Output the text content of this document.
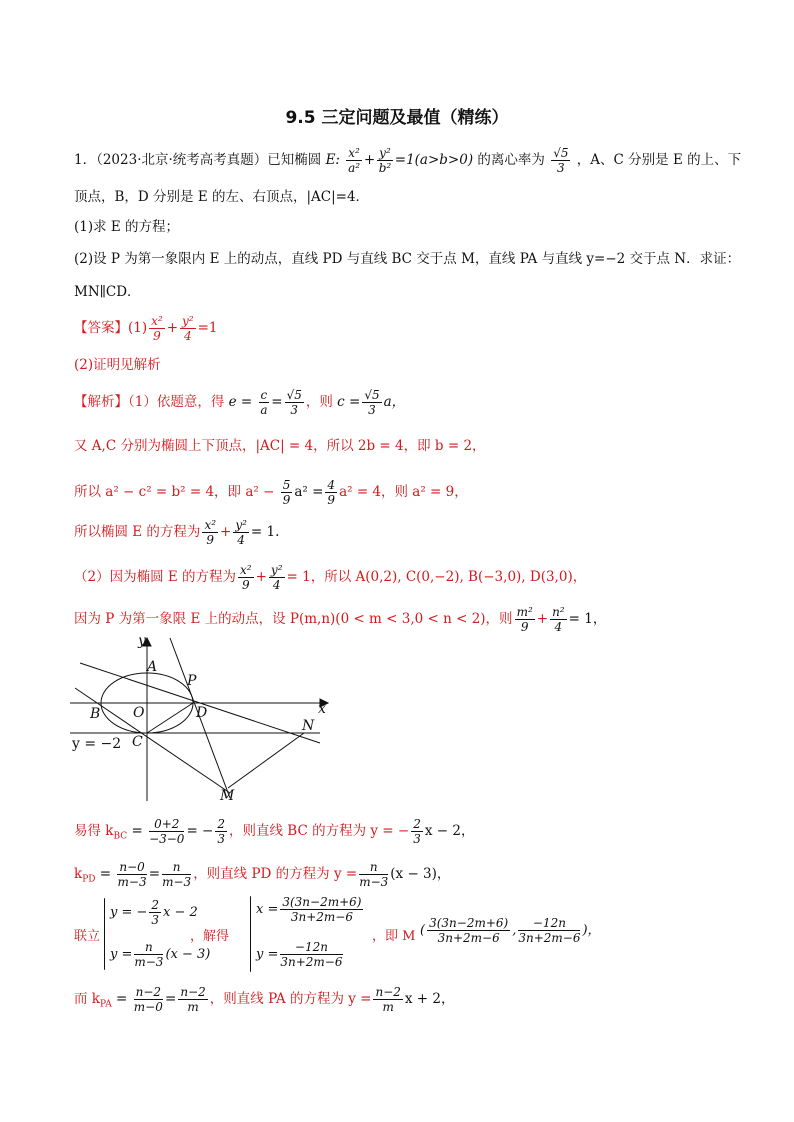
9.5 三定问题及最值（精练）
1．（2023·北京·统考高考真题）已知椭圆 E: $\frac{\text{x²}}{\text{a²}} + \frac{\text{y²}}{\text{b²}} =1(a>b>0)$ 的离心率为 $\frac{√5}{3}$ ，A、C 分别是 E 的上、下
顶点，B，D 分别是 E 的左、右顶点，|AC|=4．
(1)求 E 的方程；
(2)设 P 为第一象限内 E 上的动点，直线 PD 与直线 BC 交于点 M，直线 PA 与直线 y=−2 交于点 N．求证：
MN∥CD．
【答案】$(1) \frac{\text{x²}}{9} + \frac{\text{y²}}{4} =1$
(2)证明见解析
【解析】（1）依题意，得 $e = \frac{c}{a} = \frac{√5}{3}$ ，则 $c = \frac{√5}{3}$ a，
又 A,C 分别为椭圆上下顶点，|AC| = 4，所以 2b = 4，即 b = 2，
所以 a² − c² = b² = 4，即 $a^2 - \frac{5}{9} a^2 = \frac{4}{9} a^2 = 4$，则 a² = 9，
所以椭圆 E 的方程为 $\frac{\text{x²}}{9} + \frac{\text{y²}}{4} = 1$.
（2）因为椭圆 E 的方程为 $\frac{\text{x²}}{9} + \frac{\text{y²}}{4} = 1$，所以 A(0,2), C(0,−2), B(−3,0), D(3,0)，
因为 P 为第一象限 E 上的动点，设 P(m,n)(0 < m < 3,0 < n < 2)，则 $\frac{\text{m²}}{9} + \frac{\text{n²}}{4} = 1$，
y
x
A
P
B O	D
N
C
M
y = −2
易得 $k_{BC} = \frac{0+2}{-3-0}$ = − $\frac{2}{3}$ ，则直线 BC 的方程为 y = − $\frac{2}{3}$ x − 2，
$k_{PD} = \frac{n-0}{m-3} = \frac{n}{m-3}$ ，则直线 PD 的方程为 $y = \frac{n}{m-3} (x - 3)$，
联立
y = − $\frac{2}{3}$ x − 2
$y = \frac{n}{m-3} (x - 3)$
，解得
$x = \frac{3(3n-2m+6)}{3n+2m-6}$
$y = \frac{-12n}{3n+2m-6}$
，即 M ( $\frac{3(3n-2m+6)}{3n+2m-6}$ , $\frac{-12n}{3n+2m-6}$ )，
而 $k_{PA} = \frac{n-2}{m-0} = \frac{n-2}{m}$ ，则直线 PA 的方程为 $y = \frac{n-2}{m}$ x + 2，
